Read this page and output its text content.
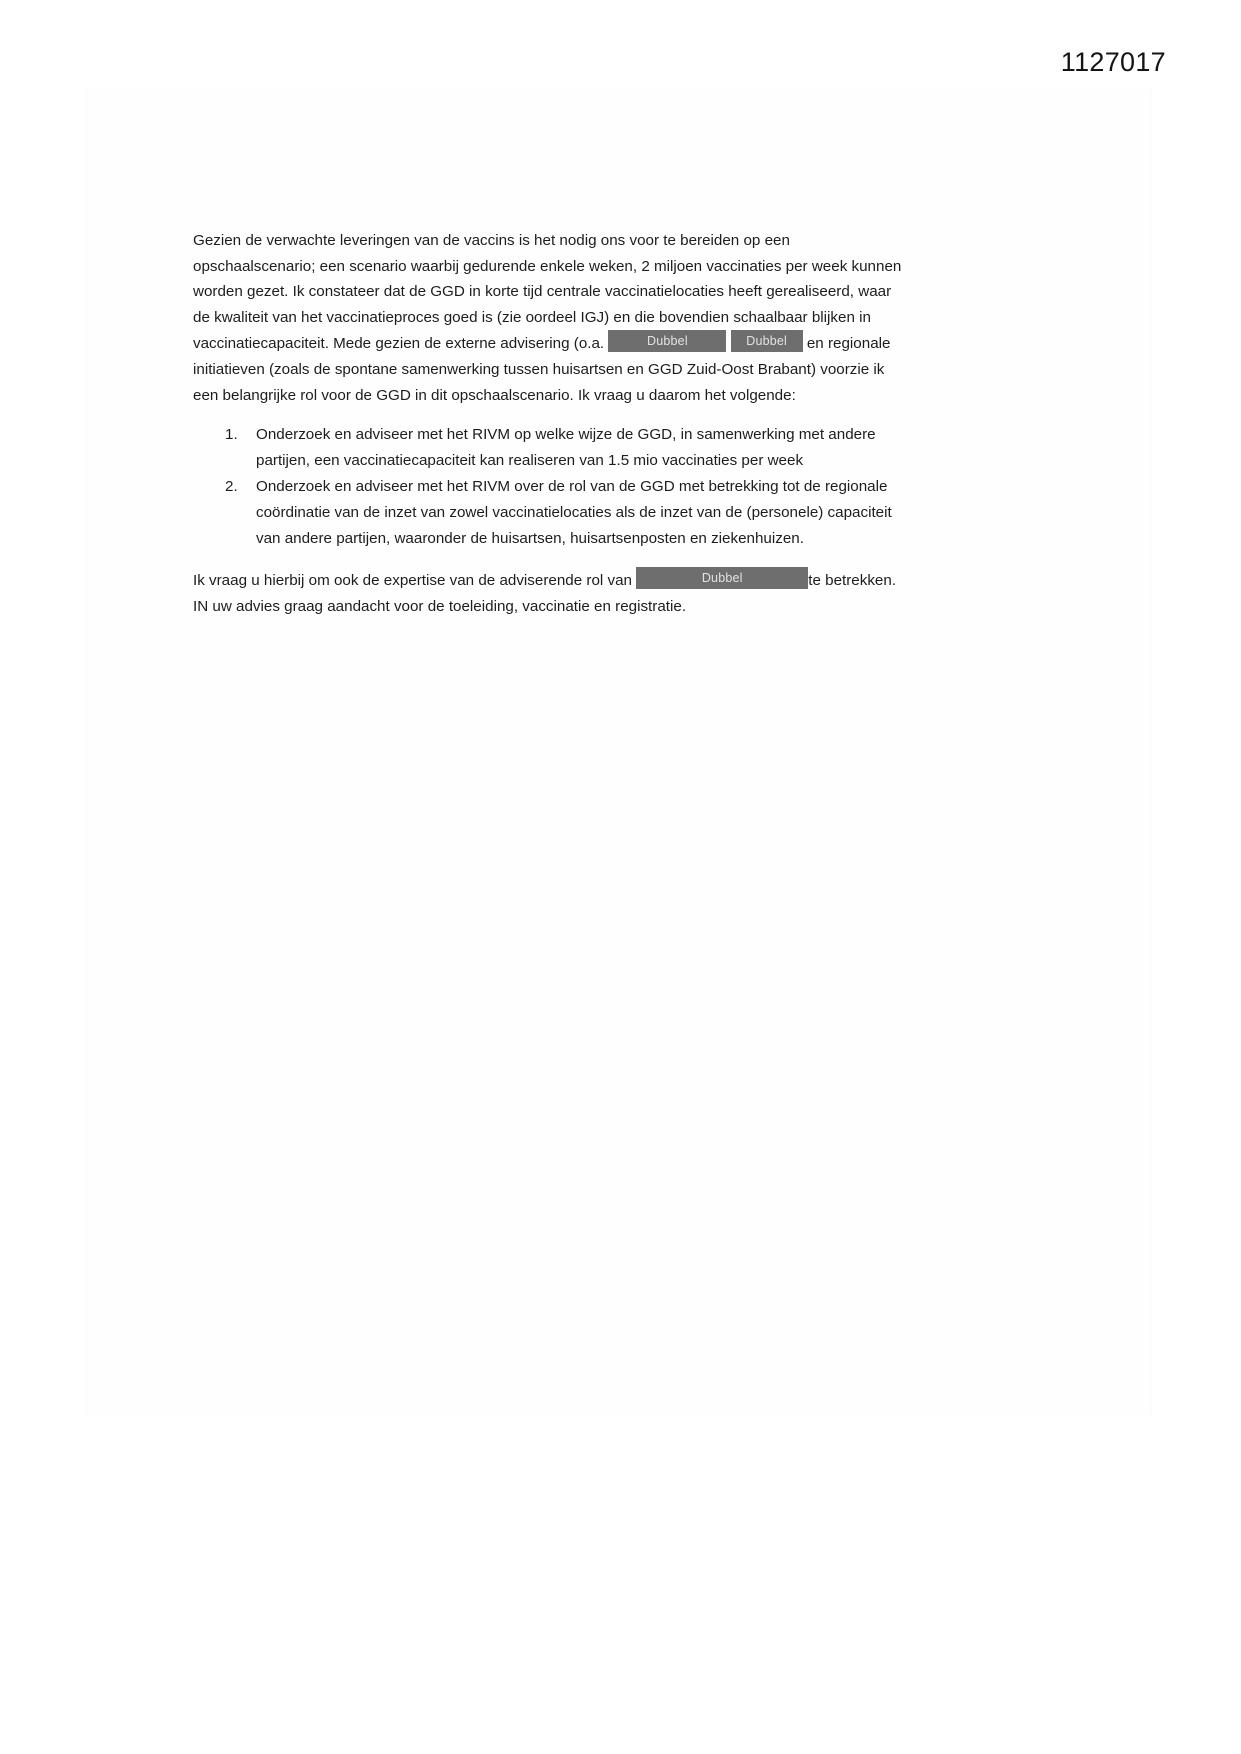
1127017

Gezien de verwachte leveringen van de vaccins is het nodig ons voor te bereiden op een opschaalscenario; een scenario waarbij gedurende enkele weken, 2 miljoen vaccinaties per week kunnen worden gezet. Ik constateer dat de GGD in korte tijd centrale vaccinatielocaties heeft gerealiseerd, waar de kwaliteit van het vaccinatieproces goed is (zie oordeel IGJ) en die bovendien schaalbaar blijken in vaccinatiecapaciteit. Mede gezien de externe advisering (o.a.	Dubbel	Dubbel en regionale initiatieven (zoals de spontane samenwerking tussen huisartsen en GGD Zuid-Oost Brabant) voorzie ik een belangrijke rol voor de GGD in dit opschaalscenario. Ik vraag u daarom het volgende:

Onderzoek en adviseer met het RIVM op welke wijze de GGD, in samenwerking met andere partijen, een vaccinatiecapaciteit kan realiseren van 1.5 mio vaccinaties per week
Onderzoek en adviseer met het RIVM over de rol van de GGD met betrekking tot de regionale coördinatie van de inzet van zowel vaccinatielocaties als de inzet van de (personele) capaciteit van andere partijen, waaronder de huisartsen, huisartsenposten en ziekenhuizen.

Ik vraag u hierbij om ook de expertise van de adviserende rol van	Dubbel	te betrekken. IN uw advies graag aandacht voor de toeleiding, vaccinatie en registratie.
